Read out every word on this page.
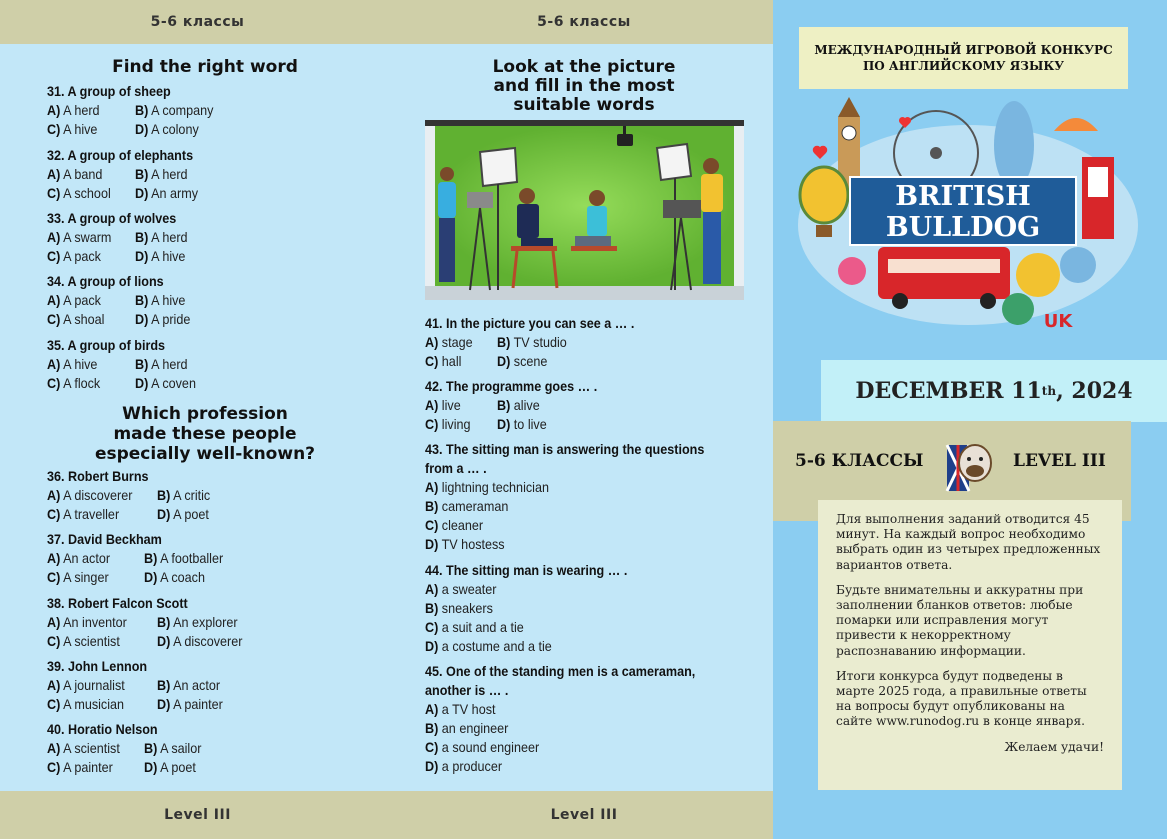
5-6 классы
Find the right word
31. A group of sheep
A) A herd	B) A company
C) A hive	D) A colony
32. A group of elephants
A) A band	B) A herd
C) A school	D) An army
33. A group of wolves
A) A swarm	B) A herd
C) A pack	D) A hive
34. A group of lions
A) A pack	B) A hive
C) A shoal	D) A pride
35. A group of birds
A) A hive	B) A herd
C) A flock	D) A coven
Which profession
made these people
especially well-known?
36. Robert Burns
A) A discoverer	B) A critic
C) A traveller	D) A poet
37. David Beckham
A) An actor	B) A footballer
C) A singer	D) A coach
38. Robert Falcon Scott
A) An inventor	B) An explorer
C) A scientist	D) A discoverer
39. John Lennon
A) A journalist	B) An actor
C) A musician	D) A painter
40. Horatio Nelson
A) A scientist	B) A sailor
C) A painter	D) A poet
Level III
5-6 классы
Look at the picture
and fill in the most
suitable words
41. In the picture you can see a … .
A) stage	B) TV studio
C) hall	D) scene
42. The programme goes … .
A) live	B) alive
C) living	D) to live
43. The sitting man is answering the questions
from a … .
A) lightning technician
B) cameraman
C) cleaner
D) TV hostess
44. The sitting man is wearing … .
A) a sweater
B) sneakers
C) a suit and a tie
D) a costume and a tie
45. One of the standing men is a cameraman,
another is … .
A) a TV host
B) an engineer
C) a sound engineer
D) a producer
Level III
МЕЖДУНАРОДНЫЙ ИГРОВОЙ КОНКУРС
ПО АНГЛИЙСКОМУ ЯЗЫКУ
BRITISH
BULLDOG
UK
DECEMBER 11 th , 2024
5-6 КЛАССЫ	LEVEL III

Для выполнения заданий отводится 45 минут. На каждый вопрос необходимо выбрать один из четырех предложенных вариантов ответа.

Будьте внимательны и аккуратны при заполнении бланков ответов: любые помарки или исправления могут привести к некорректному распознаванию информации.

Итоги конкурса будут подведены в марте 2025 года, а правильные ответы на вопросы будут опубликованы на сайте www.runodog.ru в конце января.

Желаем удачи!
